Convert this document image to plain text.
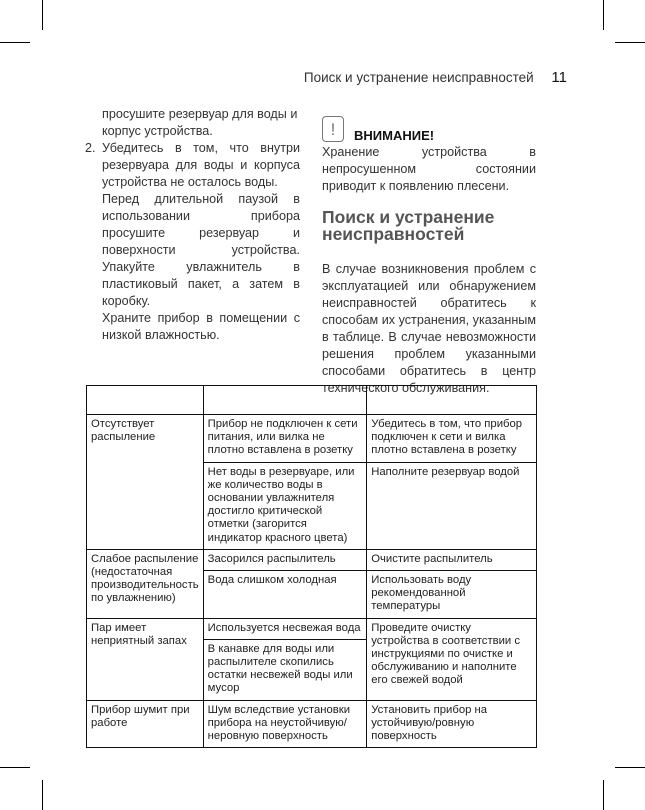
Поиск и устранение неисправностей 11
просушите резервуар для воды и корпус устройства.
2. Убедитесь в том, что внутри резервуара для воды и корпуса устройства не осталось воды.
Перед длительной паузой в использовании прибора просушите резервуар и поверхности устройства. Упакуйте увлажнитель в пластиковый пакет, а затем в коробку.
Храните прибор в помещении с низкой влажностью.
!	ВНИМАНИЕ!
Хранение устройства в непросушенном состоянии приводит к появлению плесени.
Поиск и устранение неисправностей
В случае возникновения проблем с эксплуатацией или обнаружением неисправностей обратитесь к способам их устранения, указанным в таблице. В случае невозможности решения проблем указанными способами обратитесь в центр технического обслуживания.

Отсутствует распыление	Прибор не подключен к сети питания, или вилка не плотно вставлена в розетку	Убедитесь в том, что прибор подключен к сети и вилка плотно вставлена в розетку
	Нет воды в резервуаре, или же количество воды в основании увлажнителя достигло критической отметки (загорится индикатор красного цвета)	Наполните резервуар водой
Слабое распыление (недостаточная производительность по увлажнению)	Засорился распылитель	Очистите распылитель
	Вода слишком холодная	Использовать воду рекомендованной температуры
Пар имеет неприятный запах	Используется несвежая вода	Проведите очистку устройства в соответствии с инструкциями по очистке и обслуживанию и наполните его свежей водой
	В канавке для воды или распылителе скопились остатки несвежей воды или мусор	
Прибор шумит при работе	Шум вследствие установки прибора на неустойчивую/неровную поверхность	Установить прибор на устойчивую/ровную поверхность
